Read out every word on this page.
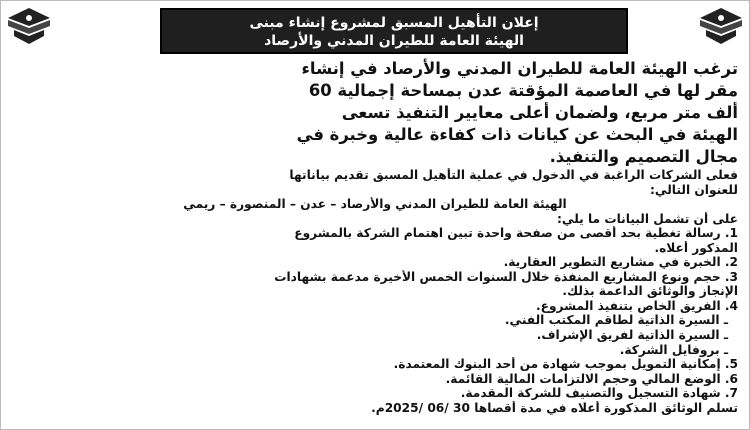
إعلان التأهيل المسبق لمشروع إنشاء مبنى
الهيئة العامة للطيران المدني والأرصاد
ترغب الهيئة العامة للطيران المدني والأرصاد في إنشاء
مقر لها في العاصمة المؤقتة عدن بمساحة إجمالية 60
ألف متر مربع، ولضمان أعلى معايير التنفيذ تسعى
الهيئة في البحث عن كيانات ذات كفاءة عالية وخبرة في
مجال التصميم والتنفيذ.
فعلى الشركات الراغبة في الدخول في عملية التأهيل المسبق تقديم بياناتها
للعنوان التالي:
الهيئة العامة للطيران المدني والأرصاد – عدن – المنصورة – ريمي
على أن تشمل البيانات ما يلي:
1. رسالة تغطية بحد أقصى من صفحة واحدة تبين اهتمام الشركة بالمشروع
المذكور أعلاه.
2. الخبرة في مشاريع التطوير العقارية.
3. حجم ونوع المشاريع المنفذة خلال السنوات الخمس الأخيرة مدعمة بشهادات
الإنجاز والوثائق الداعمة بذلك.
4. الفريق الخاص بتنفيذ المشروع.
ـ السيرة الذاتية لطاقم المكتب الفني.
ـ السيرة الذاتية لفريق الإشراف.
ـ بروفايل الشركة.
5. إمكانية التمويل بموجب شهادة من أحد البنوك المعتمدة.
6. الوضع المالي وحجم الالتزامات المالية القائمة.
7. شهادة التسجيل والتصنيف للشركة المقدمة.
تسلم الوثائق المذكورة أعلاه في مدة أقصاها 30 /06 /2025م.
